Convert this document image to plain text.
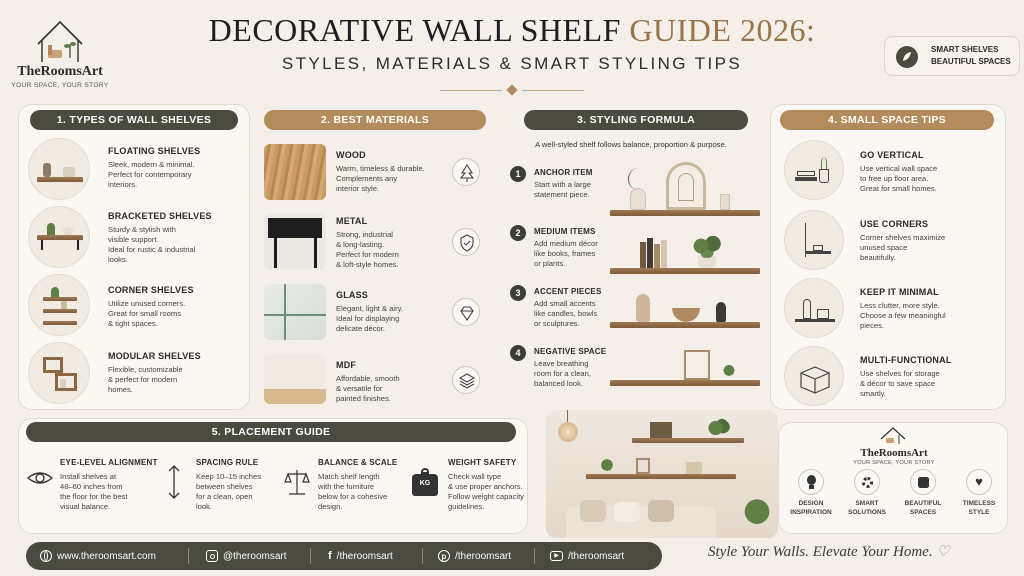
TheRoomsArt
YOUR SPACE, YOUR STORY
DECORATIVE WALL SHELF GUIDE 2026:
STYLES, MATERIALS & SMART STYLING TIPS
SMART SHELVES
BEAUTIFUL SPACES
1. TYPES OF WALL SHELVES
FLOATING SHELVES
Sleek, modern & minimal.
Perfect for contemporary
interiors.
BRACKETED SHELVES
Sturdy & stylish with
visible support.
Ideal for rustic & industrial
looks.
CORNER SHELVES
Utilize unused corners.
Great for small rooms
& tight spaces.
MODULAR SHELVES
Flexible, customizable
& perfect for modern
homes.
2. BEST MATERIALS
WOOD
Warm, timeless & durable.
Complements any
interior style.
METAL
Strong, industrial
& long-lasting.
Perfect for modern
& loft-style homes.
GLASS
Elegant, light & airy.
Ideal for displaying
delicate décor.
MDF
Affordable, smooth
& versatile for
painted finishes.
3. STYLING FORMULA
A well-styled shelf follows balance, proportion & purpose.
1	ANCHOR ITEM
Start with a large
statement piece.
2	MEDIUM ITEMS
Add medium décor
like books, frames
or plants.
3	ACCENT PIECES
Add small accents
like candles, bowls
or sculptures.
4	NEGATIVE SPACE
Leave breathing
room for a clean,
balanced look.
4. SMALL SPACE TIPS
GO VERTICAL
Use vertical wall space
to free up floor area.
Great for small homes.
USE CORNERS
Corner shelves maximize
unused space
beautifully.
KEEP IT MINIMAL
Less clutter, more style.
Choose a few meaningful
pieces.
MULTI-FUNCTIONAL
Use shelves for storage
& décor to save space
smartly.
5. PLACEMENT GUIDE
KG
EYE-LEVEL ALIGNMENT
Install shelves at
48–60 inches from
the floor for the best
visual balance.
SPACING RULE
Keep 10–15 inches
between shelves
for a clean, open
look.
BALANCE & SCALE
Match shelf length
with the furniture
below for a cohesive
design.
WEIGHT SAFETY
Check wall type
& use proper anchors.
Follow weight capacity
guidelines.
TheRoomsArt
YOUR SPACE, YOUR STORY
DESIGN
INSPIRATION
SMART
SOLUTIONS
BEAUTIFUL
SPACES
♥
TIMELESS
STYLE
www.theroomsart.com	@theroomsart	f /theroomsart	p /theroomsart	▶ /theroomsart	Style Your Walls. Elevate Your Home. ♡
